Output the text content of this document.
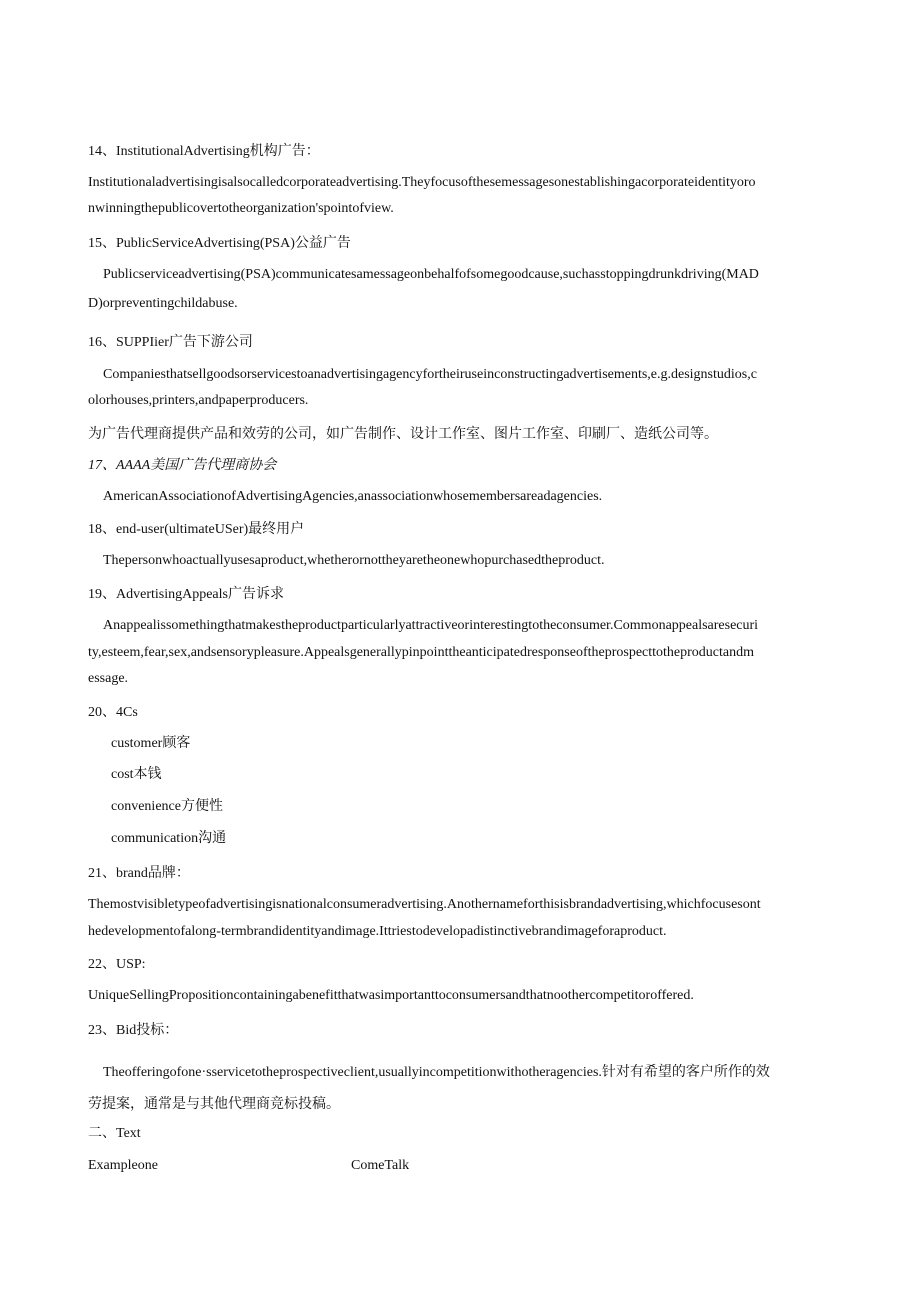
14、InstitutionalAdvertising机构广告：

Institutionaladvertisingisalsocalledcorporateadvertising.Theyfocusofthesemessagesonestablishingacorporateidentityoro

nwinningthepublicovertotheorganization'spointofview.

15、PublicServiceAdvertising(PSA)公益广告

Publicserviceadvertising(PSA)communicatesamessageonbehalfofsomegoodcause,suchasstoppingdrunkdriving(MAD

D)orpreventingchildabuse.

16、SUPPIier广告下游公司

Companiesthatsellgoodsorservicestoanadvertisingagencyfortheiruseinconstructingadvertisements,e.g.designstudios,c

olorhouses,printers,andpaperproducers.

为广告代理商提供产品和效劳的公司，如广告制作、设计工作室、图片工作室、印刷厂、造纸公司等。

17、AAAA美国广告代理商协会

AmericanAssociationofAdvertisingAgencies,anassociationwhosemembersareadagencies.

18、end-user(ultimateUSer)最终用户

Thepersonwhoactuallyusesaproduct,whetherornottheyaretheonewhopurchasedtheproduct.

19、AdvertisingAppeals广告诉求

Anappealissomethingthatmakestheproductparticularlyattractiveorinterestingtotheconsumer.Commonappealsaresecuri

ty,esteem,fear,sex,andsensorypleasure.Appealsgenerallypinpointtheanticipatedresponseoftheprospecttotheproductandm

essage.

20、4Cs

customer顾客

cost本钱

convenience方便性

communication沟通

21、brand品牌：

Themostvisibletypeofadvertisingisnationalconsumeradvertising.Anothernameforthisisbrandadvertising,whichfocusesont

hedevelopmentofalong-termbrandidentityandimage.Ittriestodevelopadistinctivebrandimageforaproduct.

22、USP:

UniqueSellingPropositioncontainingabenefitthatwasimportanttoconsumersandthatnoothercompetitoroffered.

23、Bid投标：

Theofferingofone·sservicetotheprospectiveclient,usuallyincompetitionwithotheragencies.针对有希望的客户所作的效

劳提案，通常是与其他代理商竞标投稿。

二、Text

Exampleone	ComeTalk
